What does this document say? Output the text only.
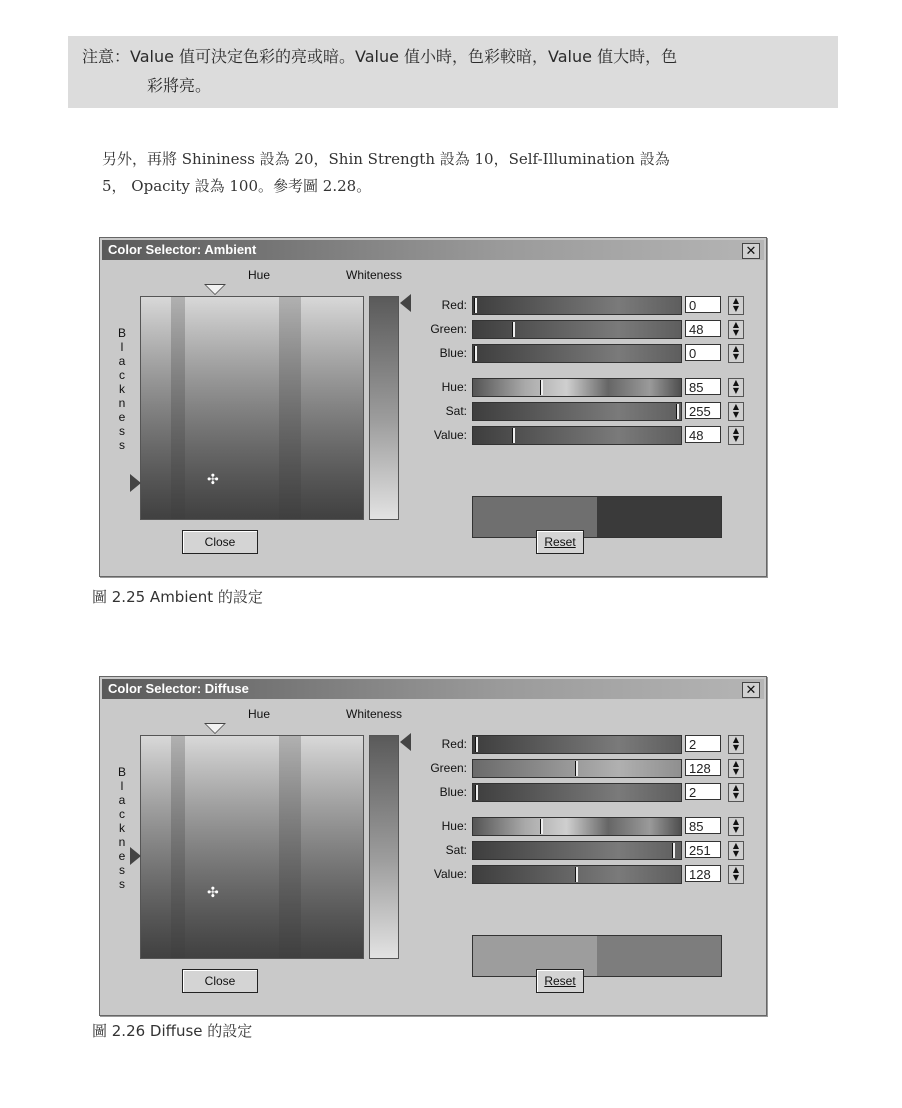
注意：Value 值可決定色彩的亮或暗。Value 值小時，色彩較暗，Value 值大時，色
彩將亮。
另外，再將 Shininess 設為 20，Shin Strength 設為 10，Self-Illumination 設為
5， Opacity 設為 100。參考圖 2.28。
Color Selector: Ambient	✕
Hue	Whiteness
✣
B
l
a
c
k
n
e
s
s
Red:	0	▲
▼
Green:	48	▲
▼
Blue:	0	▲
▼
Hue:	85	▲
▼
Sat:	255	▲
▼
Value:	48	▲
▼
Close	Reset
圖 2.25 Ambient 的設定
Color Selector: Diffuse	✕
Hue	Whiteness
✣
B
l
a
c
k
n
e
s
s
Red:	2	▲
▼
Green:	128	▲
▼
Blue:	2	▲
▼
Hue:	85	▲
▼
Sat:	251	▲
▼
Value:	128	▲
▼
Close	Reset
圖 2.26 Diffuse 的設定
